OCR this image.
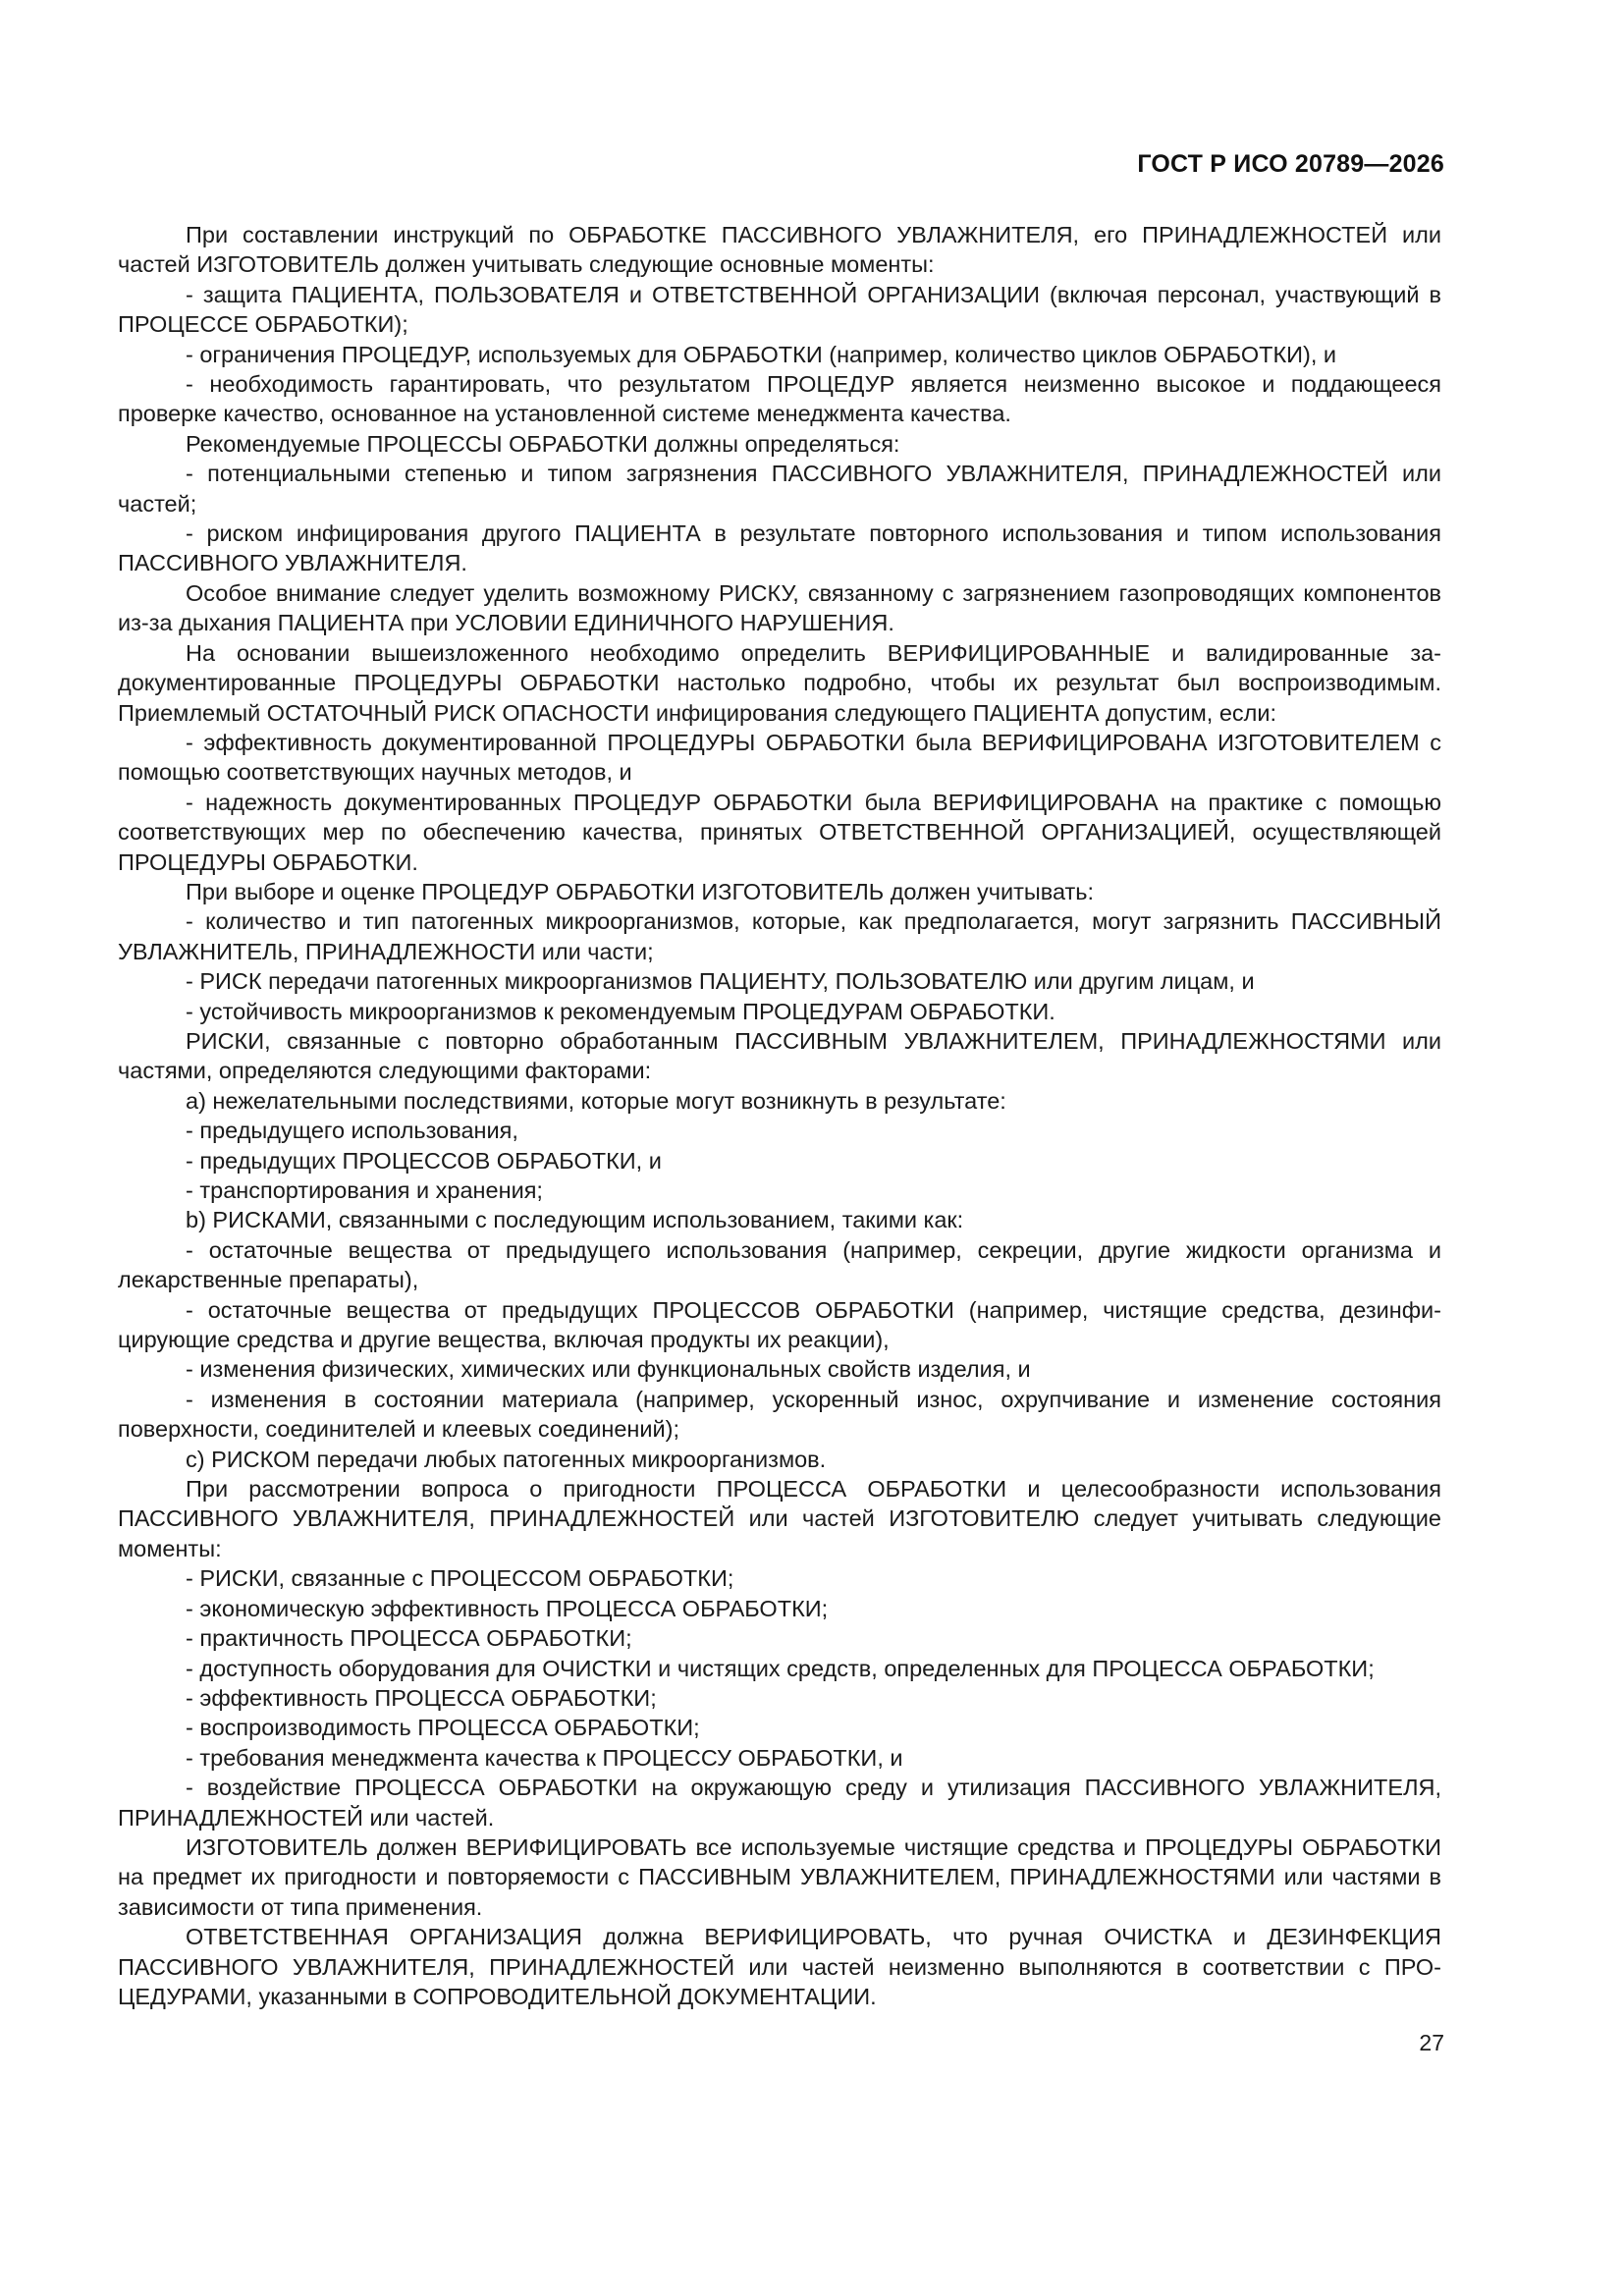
ГОСТ Р ИСО 20789—2026

При составлении инструкций по ОБРАБОТКЕ ПАССИВНОГО УВЛАЖНИТЕЛЯ, его ПРИНАДЛЕЖНОСТЕЙ или частей ИЗГОТОВИТЕЛЬ должен учитывать следующие основные моменты:

- защита ПАЦИЕНТА, ПОЛЬЗОВАТЕЛЯ и ОТВЕТСТВЕННОЙ ОРГАНИЗАЦИИ (включая персонал, участвующий в ПРОЦЕССЕ ОБРАБОТКИ);

- ограничения ПРОЦЕДУР, используемых для ОБРАБОТКИ (например, количество циклов ОБРАБОТКИ), и

- необходимость гарантировать, что результатом ПРОЦЕДУР является неизменно высокое и поддающееся проверке качество, основанное на установленной системе менеджмента качества.

Рекомендуемые ПРОЦЕССЫ ОБРАБОТКИ должны определяться:

- потенциальными степенью и типом загрязнения ПАССИВНОГО УВЛАЖНИТЕЛЯ, ПРИНАДЛЕЖНОСТЕЙ или частей;

- риском инфицирования другого ПАЦИЕНТА в результате повторного использования и типом использования ПАССИВНОГО УВЛАЖНИТЕЛЯ.

Особое внимание следует уделить возможному РИСКУ, связанному с загрязнением газопроводящих компонентов из-за дыхания ПАЦИЕНТА при УСЛОВИИ ЕДИНИЧНОГО НАРУШЕНИЯ.

На основании вышеизложенного необходимо определить ВЕРИФИЦИРОВАННЫЕ и валидированные задокументированные ПРОЦЕДУРЫ ОБРАБОТКИ настолько подробно, чтобы их результат был воспроизводимым. Приемлемый ОСТАТОЧНЫЙ РИСК ОПАСНОСТИ инфицирования следующего ПАЦИЕНТА допустим, если:

- эффективность документированной ПРОЦЕДУРЫ ОБРАБОТКИ была ВЕРИФИЦИРОВАНА ИЗГОТОВИТЕЛЕМ с помощью соответствующих научных методов, и

- надежность документированных ПРОЦЕДУР ОБРАБОТКИ была ВЕРИФИЦИРОВАНА на практике с помощью соответствующих мер по обеспечению качества, принятых ОТВЕТСТВЕННОЙ ОРГАНИЗАЦИЕЙ, осуществляющей ПРОЦЕДУРЫ ОБРАБОТКИ.

При выборе и оценке ПРОЦЕДУР ОБРАБОТКИ ИЗГОТОВИТЕЛЬ должен учитывать:

- количество и тип патогенных микроорганизмов, которые, как предполагается, могут загрязнить ПАССИВНЫЙ УВЛАЖНИТЕЛЬ, ПРИНАДЛЕЖНОСТИ или части;

- РИСК передачи патогенных микроорганизмов ПАЦИЕНТУ, ПОЛЬЗОВАТЕЛЮ или другим лицам, и

- устойчивость микроорганизмов к рекомендуемым ПРОЦЕДУРАМ ОБРАБОТКИ.

РИСКИ, связанные с повторно обработанным ПАССИВНЫМ УВЛАЖНИТЕЛЕМ, ПРИНАДЛЕЖНОСТЯМИ или частями, определяются следующими факторами:

а) нежелательными последствиями, которые могут возникнуть в результате:

- предыдущего использования,

- предыдущих ПРОЦЕССОВ ОБРАБОТКИ, и

- транспортирования и хранения;

b) РИСКАМИ, связанными с последующим использованием, такими как:

- остаточные вещества от предыдущего использования (например, секреции, другие жидкости организма и лекарственные препараты),

- остаточные вещества от предыдущих ПРОЦЕССОВ ОБРАБОТКИ (например, чистящие средства, дезинфицирующие средства и другие вещества, включая продукты их реакции),

- изменения физических, химических или функциональных свойств изделия, и

- изменения в состоянии материала (например, ускоренный износ, охрупчивание и изменение состояния поверхности, соединителей и клеевых соединений);

с) РИСКОМ передачи любых патогенных микроорганизмов.

При рассмотрении вопроса о пригодности ПРОЦЕССА ОБРАБОТКИ и целесообразности использования ПАССИВНОГО УВЛАЖНИТЕЛЯ, ПРИНАДЛЕЖНОСТЕЙ или частей ИЗГОТОВИТЕЛЮ следует учитывать следующие моменты:

- РИСКИ, связанные с ПРОЦЕССОМ ОБРАБОТКИ;

- экономическую эффективность ПРОЦЕССА ОБРАБОТКИ;

- практичность ПРОЦЕССА ОБРАБОТКИ;

- доступность оборудования для ОЧИСТКИ и чистящих средств, определенных для ПРОЦЕССА ОБРАБОТКИ;

- эффективность ПРОЦЕССА ОБРАБОТКИ;

- воспроизводимость ПРОЦЕССА ОБРАБОТКИ;

- требования менеджмента качества к ПРОЦЕССУ ОБРАБОТКИ, и

- воздействие ПРОЦЕССА ОБРАБОТКИ на окружающую среду и утилизация ПАССИВНОГО УВЛАЖНИТЕЛЯ, ПРИНАДЛЕЖНОСТЕЙ или частей.

ИЗГОТОВИТЕЛЬ должен ВЕРИФИЦИРОВАТЬ все используемые чистящие средства и ПРОЦЕДУРЫ ОБРАБОТКИ на предмет их пригодности и повторяемости с ПАССИВНЫМ УВЛАЖНИТЕЛЕМ, ПРИНАДЛЕЖНОСТЯМИ или частями в зависимости от типа применения.

ОТВЕТСТВЕННАЯ ОРГАНИЗАЦИЯ должна ВЕРИФИЦИРОВАТЬ, что ручная ОЧИСТКА и ДЕЗИНФЕКЦИЯ ПАССИВНОГО УВЛАЖНИТЕЛЯ, ПРИНАДЛЕЖНОСТЕЙ или частей неизменно выполняются в соответствии с ПРОЦЕДУРАМИ, указанными в СОПРОВОДИТЕЛЬНОЙ ДОКУМЕНТАЦИИ.

27
